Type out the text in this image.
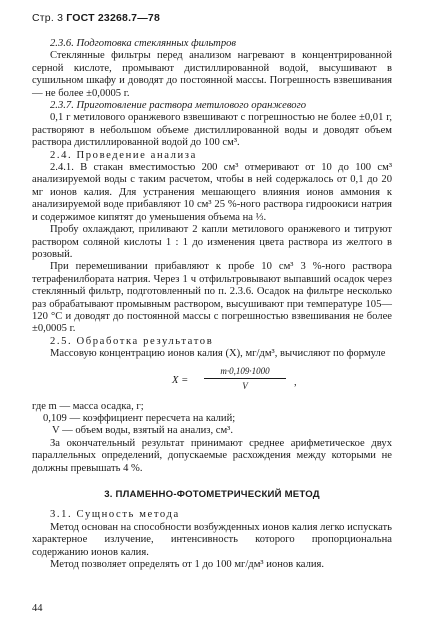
Стр. 3 ГОСТ 23268.7—78

2.3.6. Подготовка стеклянных фильтров

Стеклянные фильтры перед анализом нагревают в концентрированной серной кислоте, промывают дистиллированной водой, высушивают в сушильном шкафу и доводят до постоянной массы. Погрешность взвешивания — не более ±0,0005 г.

2.3.7. Приготовление раствора метилового оранжевого

0,1 г метилового оранжевого взвешивают с погрешностью не более ±0,01 г, растворяют в небольшом объеме дистиллированной воды и доводят объем раствора дистиллированной водой до 100 см³.

2.4. Проведение анализа

2.4.1. В стакан вместимостью 200 см³ отмеривают от 10 до 100 см³ анализируемой воды с таким расчетом, чтобы в ней содержалось от 0,1 до 20 мг ионов калия. Для устранения мешающего влияния ионов аммония к анализируемой воде прибавляют 10 см³ 25 %-ного раствора гидроокиси натрия и содержимое кипятят до уменьшения объема на ⅓.

Пробу охлаждают, приливают 2 капли метилового оранжевого и титруют раствором соляной кислоты 1 : 1 до изменения цвета раствора из желтого в розовый.

При перемешивании прибавляют к пробе 10 см³ 3 %-ного раствора тетрафенилбората натрия. Через 1 ч отфильтровывают выпавший осадок через стеклянный фильтр, подготовленный по п. 2.3.6. Осадок на фильтре несколько раз обрабатывают промывным раствором, высушивают при температуре 105—120 °С и доводят до постоянной массы с погрешностью взвешивания не более ±0,0005 г.

2.5. Обработка результатов

Массовую концентрацию ионов калия (X), мг/дм³, вычисляют по формуле

$X = \frac{m\cdot 0,109\cdot 1000}{V}$ ,

где m — масса осадка, г;

0,109 — коэффициент пересчета на калий;

V — объем воды, взятый на анализ, см³.

За окончательный результат принимают среднее арифметическое двух параллельных определений, допускаемые расхождения между которыми не должны превышать 4 %.

3. ПЛАМЕННО-ФОТОМЕТРИЧЕСКИЙ МЕТОД

3.1. Сущность метода

Метод основан на способности возбужденных ионов калия легко испускать характерное излучение, интенсивность которого пропорциональна содержанию ионов калия.

Метод позволяет определять от 1 до 100 мг/дм³ ионов калия.

44
